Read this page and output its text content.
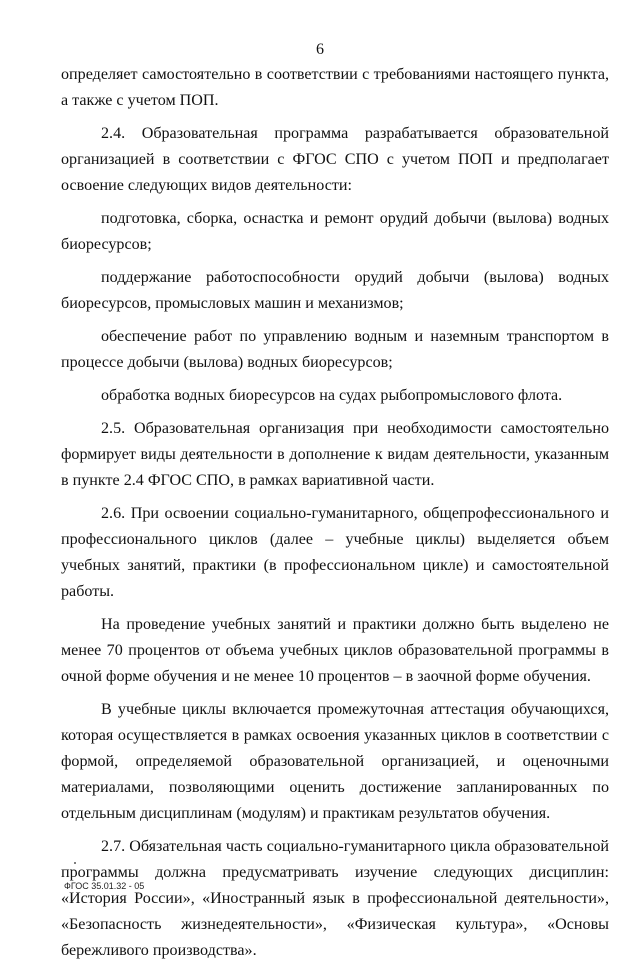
6

определяет самостоятельно в соответствии с требованиями настоящего пункта, а также с учетом ПОП.

2.4. Образовательная программа разрабатывается образовательной организацией в соответствии с ФГОС СПО с учетом ПОП и предполагает освоение следующих видов деятельности:

подготовка, сборка, оснастка и ремонт орудий добычи (вылова) водных биоресурсов;

поддержание работоспособности орудий добычи (вылова) водных биоресурсов, промысловых машин и механизмов;

обеспечение работ по управлению водным и наземным транспортом в процессе добычи (вылова) водных биоресурсов;

обработка водных биоресурсов на судах рыбопромыслового флота.

2.5. Образовательная организация при необходимости самостоятельно формирует виды деятельности в дополнение к видам деятельности, указанным в пункте 2.4 ФГОС СПО, в рамках вариативной части.

2.6. При освоении социально-гуманитарного, общепрофессионального и профессионального циклов (далее – учебные циклы) выделяется объем учебных занятий, практики (в профессиональном цикле) и самостоятельной работы.

На проведение учебных занятий и практики должно быть выделено не менее 70 процентов от объема учебных циклов образовательной программы в очной форме обучения и не менее 10 процентов – в заочной форме обучения.

В учебные циклы включается промежуточная аттестация обучающихся, которая осуществляется в рамках освоения указанных циклов в соответствии с формой, определяемой образовательной организацией, и оценочными материалами, позволяющими оценить достижение запланированных по отдельным дисциплинам (модулям) и практикам результатов обучения.

2.7. Обязательная часть социально-гуманитарного цикла образовательной программы должна предусматривать изучение следующих дисциплин: «История России», «Иностранный язык в профессиональной деятельности», «Безопасность жизнедеятельности», «Физическая культура», «Основы бережливого производства».

ФГОС 35.01.32 - 05
